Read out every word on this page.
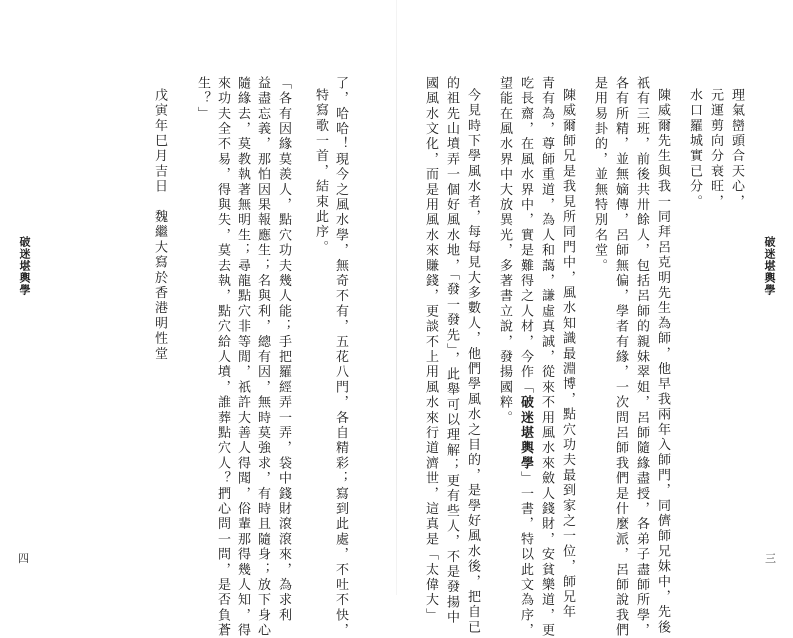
破迷堪輿學	戊寅年巳月吉日　魏繼大寫於香港明性堂 生？」 來功夫全不易，得與失，莫去執，點穴給人墳，誰葬點穴人？捫心問一問，是否負蒼 隨緣去，莫教執著無明生；尋龍點穴非等閒，祇許大善人得聞，俗輩那得幾人知，得 益盡忘義，那怕因果報應生；名與利，總有因，無時莫強求，有時且隨身；放下身心 「各有因緣莫羨人，點穴功夫幾人能；手把羅經弄一弄，袋中錢財滾滾來，為求利 特寫歌一首，結束此序。 了，哈哈！現今之風水學，無奇不有，五花八門，各自精彩；寫到此處，不吐不快，
四	國風水文化，而是用風水來賺錢，更談不上用風水來行道濟世，這真是「太偉大」 的祖先山墳弄一個好風水地，「發一發先」，此舉可以理解；更有些人，不是發揚中 今見時下學風水者，每每見大多數人，他們學風水之目的，是學好風水後，把自已 望能在風水界中大放異光，多著書立說，發揚國粹。 吃長齋，在風水界中，實是難得之人材，今作「破迷堪輿學」一書，特以此文為序， 青有為，尊師重道，為人和藹，謙虛真誠，從來不用風水來斂人錢財，安貧樂道，更 陳威爾師兄是我見所同門中，風水知識最淵博，點穴功夫最到家之一位，師兄年 是用易卦的，並無特別名堂。 各有所精，並無嫡傳，呂師無偏，學者有緣，一次問呂師我們是什麼派，呂師說我們 祇有三班，前後共卅餘人，包括呂師的親妹翠姐，呂師隨緣盡授，各弟子盡師所學， 陳威爾先生與我一同拜呂克明先生為師，他早我兩年入師門，同儕師兄妹中，先後 水口羅城實已分。 元運剪向分衰旺， 理氣巒頭合天心，
破迷堪輿學
三
